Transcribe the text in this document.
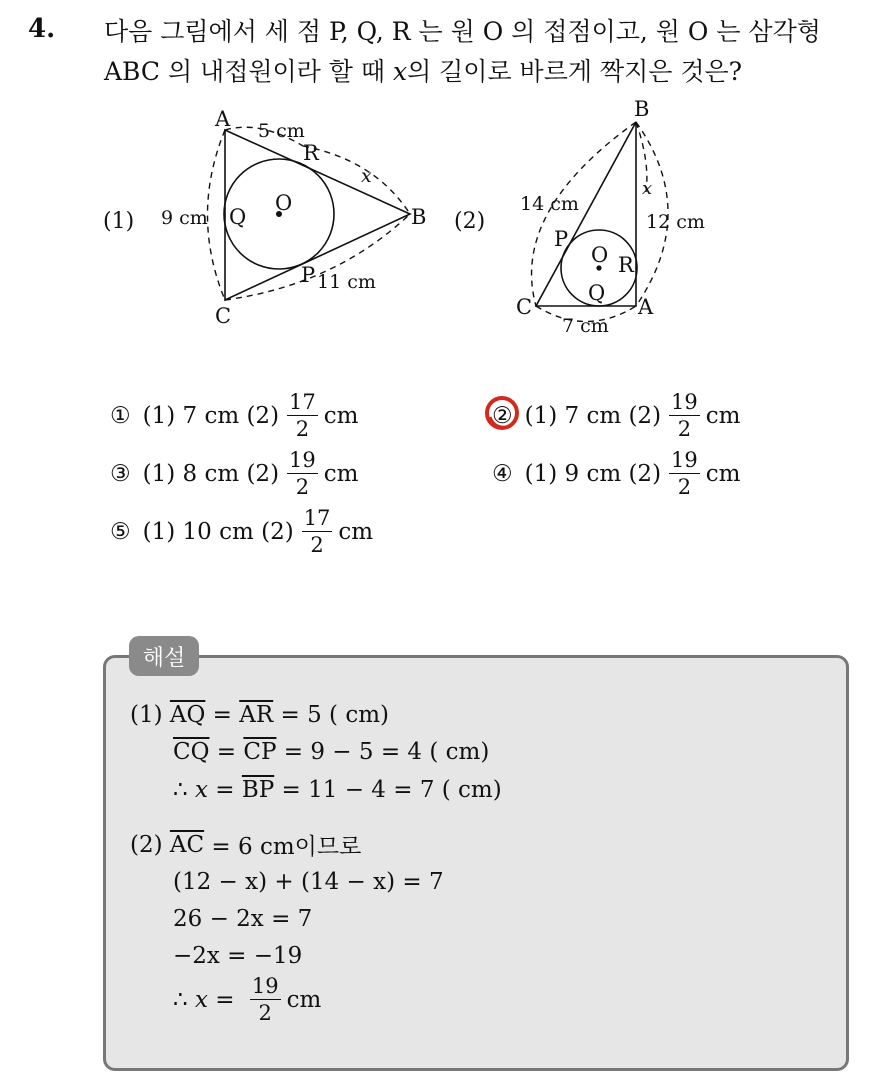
4. 다음 그림에서 세 점 P, Q, R 는 원 O 의 접점이고, 원 O 는 삼각형
ABC 의 내접원이라 할 때 x의 길이로 바르게 짝지은 것은?
(1)
A
B
C
O
P
Q
R
5 cm
9 cm
11 cm
x
(2)
B
A
C
O
P
Q
R
14 cm
12 cm
7 cm
x
① (1) 7 cm $(2) \frac{17}{2}$ cm	② (1) 7 cm $(2) \frac{19}{2}$ cm
③ (1) 8 cm $(2) \frac{19}{2}$ cm	④ (1) 9 cm $(2) \frac{19}{2}$ cm
⑤ (1) 10 cm $(2) \frac{17}{2}$ cm
해설
(1) $\overline{AQ} = \overline{AR} = 5$ ( cm)
$\overline{CQ} = \overline{CP} = 9 - 5 = 4$ ( cm)
∴ $x = \overline{BP} = 11 - 4 = 7$ ( cm)
(2) $\overline{AC} = 6$ cm이므로
(12 − x) + (14 − x) = 7
26 − 2x = 7
−2x = −19
∴ $x = \frac{19}{2}$ cm
